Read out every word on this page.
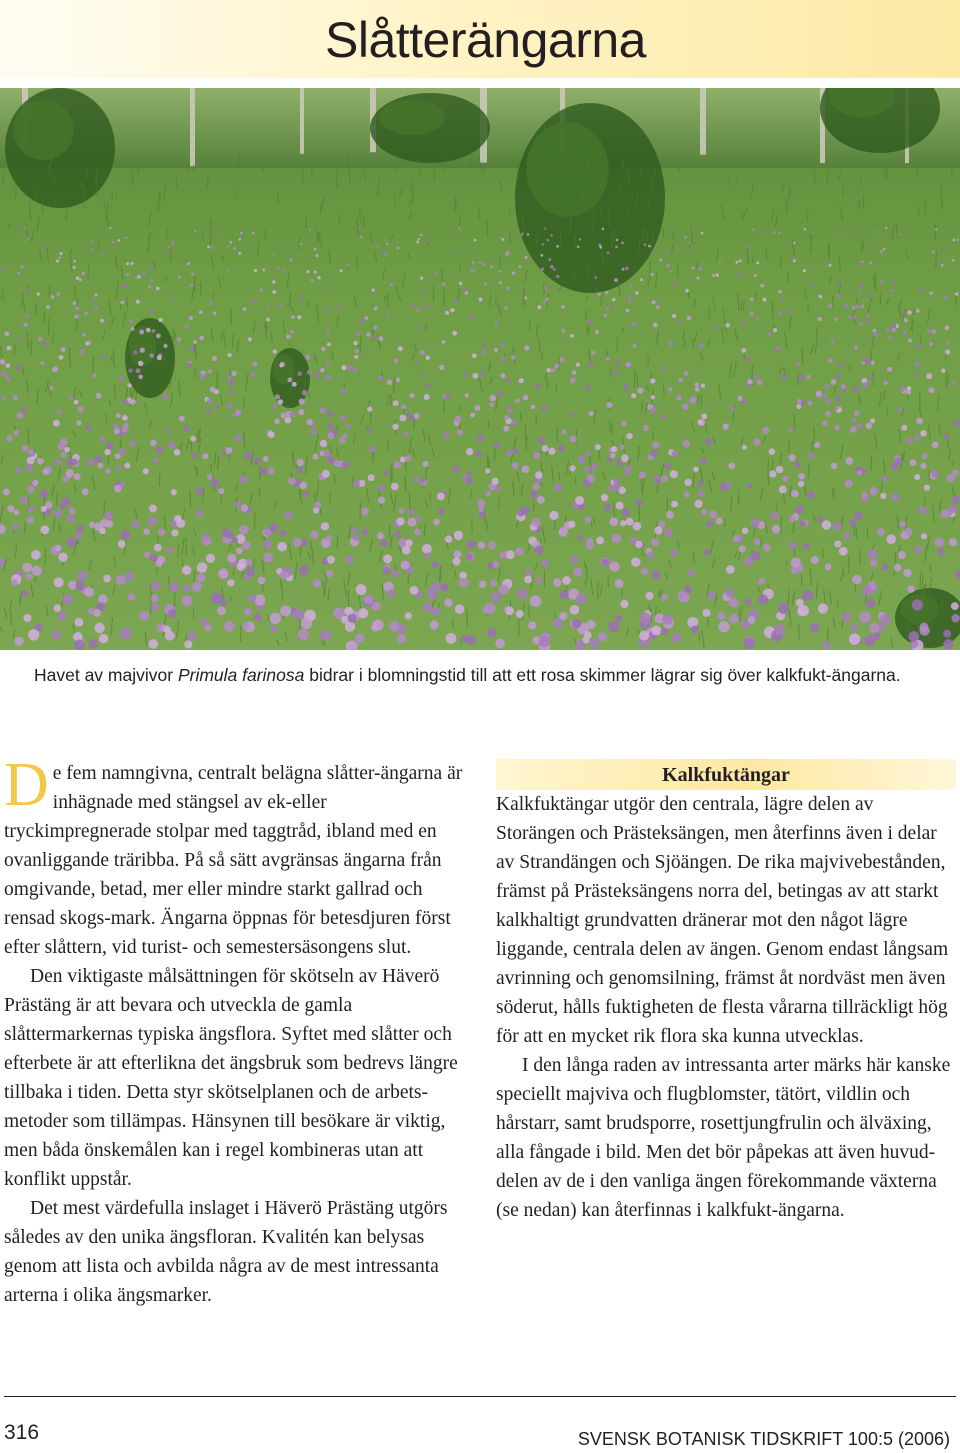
Slåtterängarna
Havet av majvivor Primula farinosa bidrar i blomningstid till att ett rosa skimmer lägrar sig över kalkfukt-ängarna.

De fem namngivna, centralt belägna slåtter-ängarna är inhägnade med stängsel av ek-eller tryckimpregnerade stolpar med taggtråd, ibland med en ovanliggande träribba. På så sätt avgränsas ängarna från omgivande, betad, mer eller mindre starkt gallrad och rensad skogs-mark. Ängarna öppnas för betesdjuren först efter slåttern, vid turist- och semestersäsongens slut.

Den viktigaste målsättningen för skötseln av Häverö Prästäng är att bevara och utveckla de gamla slåttermarkernas typiska ängsflora. Syftet med slåtter och efterbete är att efterlikna det ängsbruk som bedrevs längre tillbaka i tiden. Detta styr skötselplanen och de arbets-metoder som tillämpas. Hänsynen till besökare är viktig, men båda önskemålen kan i regel kombineras utan att konflikt uppstår.

Det mest värdefulla inslaget i Häverö Prästäng utgörs således av den unika ängsfloran. Kvalitén kan belysas genom att lista och avbilda några av de mest intressanta arterna i olika ängsmarker.

Kalkfuktängar

Kalkfuktängar utgör den centrala, lägre delen av Storängen och Prästeksängen, men återfinns även i delar av Strandängen och Sjöängen. De rika majvivebestånden, främst på Prästeksängens norra del, betingas av att starkt kalkhaltigt grundvatten dränerar mot den något lägre liggande, centrala delen av ängen. Genom endast långsam avrinning och genomsilning, främst åt nordväst men även söderut, hålls fuktigheten de flesta vårarna tillräckligt hög för att en mycket rik flora ska kunna utvecklas.

I den långa raden av intressanta arter märks här kanske speciellt majviva och flugblomster, tätört, vildlin och hårstarr, samt brudsporre, rosettjungfrulin och älväxing, alla fångade i bild. Men det bör påpekas att även huvud-delen av de i den vanliga ängen förekommande växterna (se nedan) kan återfinnas i kalkfukt-ängarna.

316	SVENSK BOTANISK TIDSKRIFT 100:5 (2006)
